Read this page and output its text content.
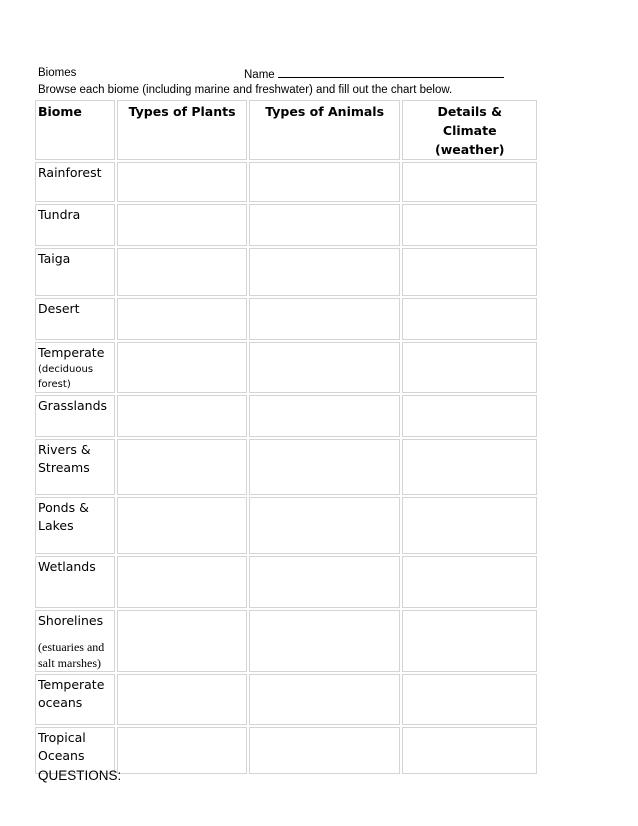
Biomes	Name
Browse each biome (including marine and freshwater) and fill out the chart below.
Biome	Types of Plants	Types of Animals	Details & Climate (weather)
Rainforest			
Tundra			
Taiga			
Desert			
Temperate
(deciduous forest)			

Grasslands			
Rivers & Streams			
Ponds & Lakes			
Wetlands			
Shorelines
(estuaries and salt marshes)			

Temperate oceans			
Tropical Oceans			
QUESTIONS:
